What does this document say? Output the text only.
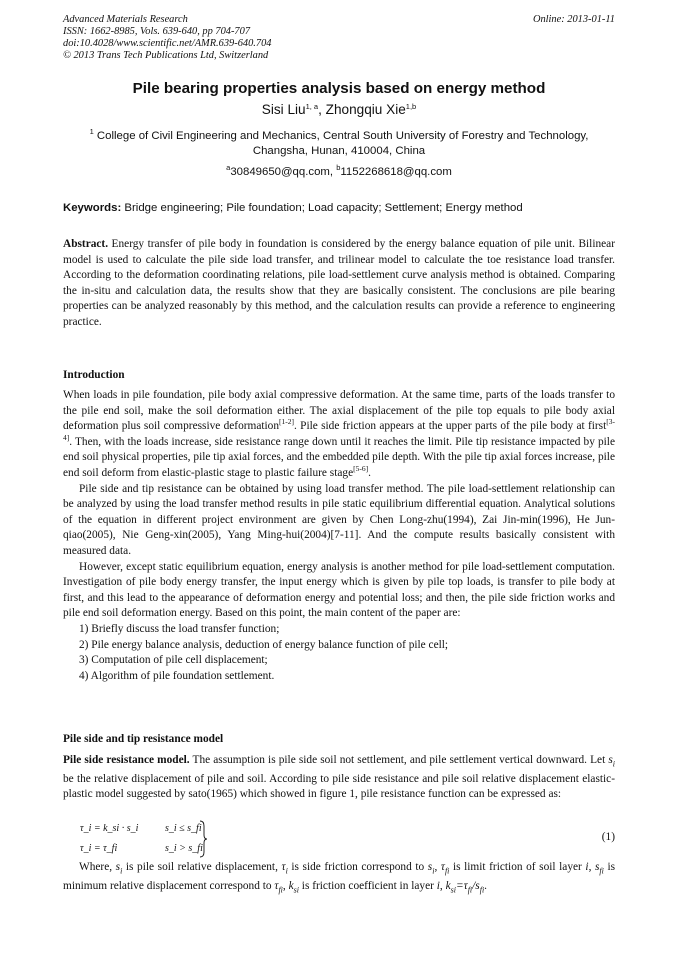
Advanced Materials Research
ISSN: 1662-8985, Vols. 639-640, pp 704-707
doi:10.4028/www.scientific.net/AMR.639-640.704
© 2013 Trans Tech Publications Ltd, Switzerland
Online: 2013-01-11
Pile bearing properties analysis based on energy method
Sisi Liu$^{1, a}$, Zhongqiu Xie$^{1,b}$
$^1$ College of Civil Engineering and Mechanics, Central South University of Forestry and Technology,
Changsha, Hunan, 410004, China
$^a$30849650@qq.com, $^b$1152268618@qq.com
Keywords: Bridge engineering; Pile foundation; Load capacity; Settlement; Energy method
Abstract. Energy transfer of pile body in foundation is considered by the energy balance equation of pile unit. Bilinear model is used to calculate the pile side load transfer, and trilinear model to calculate the toe resistance load transfer. According to the deformation coordinating relations, pile load-settlement curve analysis method is obtained. Comparing the in-situ and calculation data, the results show that they are basically consistent. The conclusions are pile bearing properties can be analyzed reasonably by this method, and the calculation results can provide a reference to engineering practice.
Introduction
When loads in pile foundation, pile body axial compressive deformation. At the same time, parts of the loads transfer to the pile end soil, make the soil deformation either. The axial displacement of the pile top equals to pile body axial deformation plus soil compressive deformation[1-2]. Pile side friction appears at the upper parts of the pile body at first[3-4]. Then, with the loads increase, side resistance range down until it reaches the limit. Pile tip resistance impacted by pile end soil physical properties, pile tip axial forces, and the embedded pile depth. With the pile tip axial forces increase, pile end soil deform from elastic-plastic stage to plastic failure stage[5-6].
Pile side and tip resistance can be obtained by using load transfer method. The pile load-settlement relationship can be analyzed by using the load transfer method results in pile static equilibrium differential equation. Analytical solutions of the equation in different project environment are given by Chen Long-zhu(1994), Zai Jin-min(1996), He Jun-qiao(2005), Nie Geng-xin(2005), Yang Ming-hui(2004)[7-11]. And the compute results basically consistent with measured data.
However, except static equilibrium equation, energy analysis is another method for pile load-settlement computation. Investigation of pile body energy transfer, the input energy which is given by pile top loads, is transfer to pile body at first, and this lead to the appearance of deformation energy and potential loss; and then, the pile side friction works and pile end soil deformation energy. Based on this point, the main content of the paper are:
1) Briefly discuss the load transfer function;
2) Pile energy balance analysis, deduction of energy balance function of pile cell;
3) Computation of pile cell displacement;
4) Algorithm of pile foundation settlement.
Pile side and tip resistance model
Pile side resistance model. The assumption is pile side soil not settlement, and pile settlement vertical downward. Let $s_i$ be the relative displacement of pile and soil. According to pile side resistance and pile soil relative displacement elastic-plastic model suggested by sato(1965) which showed in figure 1, pile resistance function can be expressed as:
τ_i = k_si · s_i	s_i ≤ s_fi
τ_i = τ_fi	s_i > s_fi
(1)
Where, $s_i$ is pile soil relative displacement, $\tau_i$ is side friction correspond to $s_i$, $\tau_{fi}$ is limit friction of soil layer i, $s_{fi}$ is minimum relative displacement correspond to $\tau_{fi}$, $k_{si}$ is friction coefficient in layer i, $k_{si}=\tau_{fi}/s_{fi}$.
